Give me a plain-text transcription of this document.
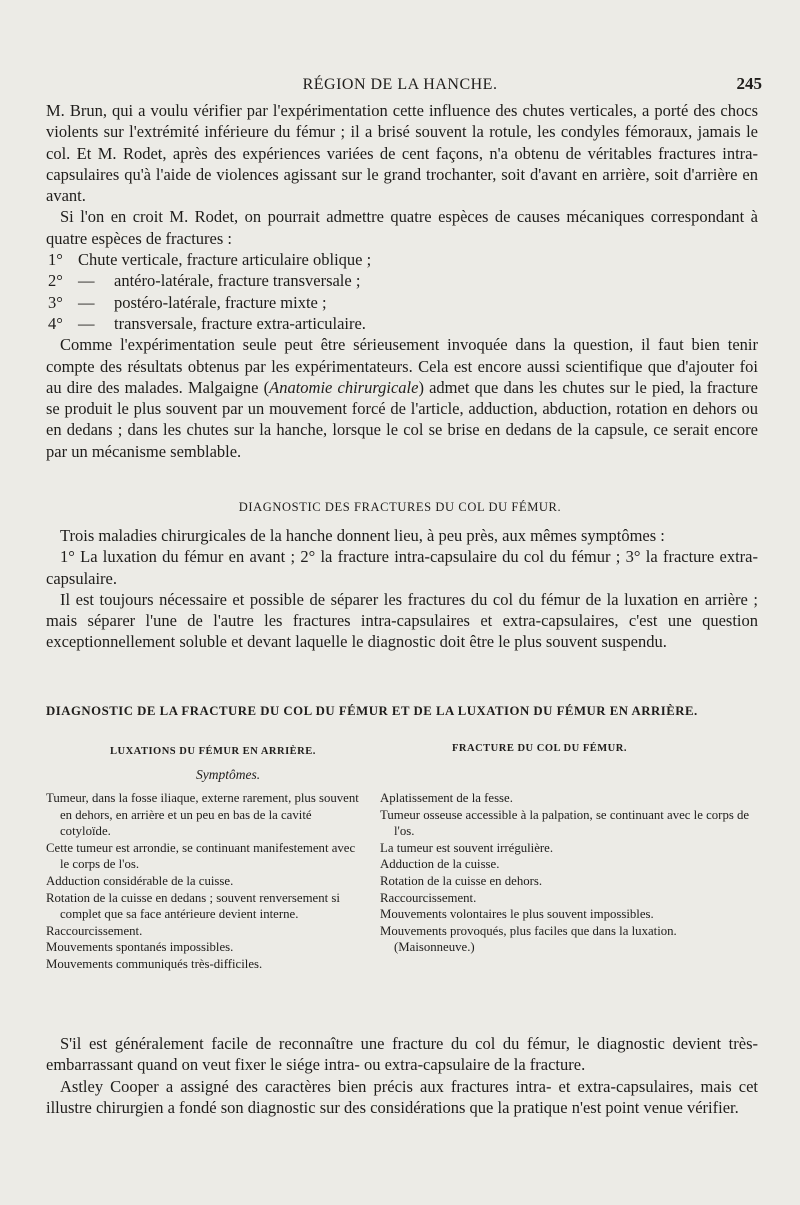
RÉGION DE LA HANCHE.	245

M. Brun, qui a voulu vérifier par l'expérimentation cette influence des chutes verticales, a porté des chocs violents sur l'extrémité inférieure du fémur ; il a brisé souvent la rotule, les condyles fémoraux, jamais le col. Et M. Rodet, après des expériences variées de cent façons, n'a obtenu de véritables fractures intra-capsulaires qu'à l'aide de violences agissant sur le grand trochanter, soit d'avant en arrière, soit d'arrière en avant.

Si l'on en croit M. Rodet, on pourrait admettre quatre espèces de causes mécaniques correspondant à quatre espèces de fractures :

1° Chute verticale, fracture articulaire oblique ;
2° —	antéro-latérale, fracture transversale ;
3° —	postéro-latérale, fracture mixte ;
4° —	transversale, fracture extra-articulaire.

Comme l'expérimentation seule peut être sérieusement invoquée dans la question, il faut bien tenir compte des résultats obtenus par les expérimentateurs. Cela est encore aussi scientifique que d'ajouter foi au dire des malades. Malgaigne (Anatomie chirurgicale) admet que dans les chutes sur le pied, la fracture se produit le plus souvent par un mouvement forcé de l'article, adduction, abduction, rotation en dehors ou en dedans ; dans les chutes sur la hanche, lorsque le col se brise en dedans de la capsule, ce serait encore par un mécanisme semblable.

DIAGNOSTIC DES FRACTURES DU COL DU FÉMUR.

Trois maladies chirurgicales de la hanche donnent lieu, à peu près, aux mêmes symptômes :

1° La luxation du fémur en avant ; 2° la fracture intra-capsulaire du col du fémur ; 3° la fracture extra-capsulaire.

Il est toujours nécessaire et possible de séparer les fractures du col du fémur de la luxation en arrière ; mais séparer l'une de l'autre les fractures intra-capsulaires et extra-capsulaires, c'est une question exceptionnellement soluble et devant laquelle le diagnostic doit être le plus souvent suspendu.

DIAGNOSTIC DE LA FRACTURE DU COL DU FÉMUR ET DE LA LUXATION DU FÉMUR EN ARRIÈRE.
LUXATIONS DU FÉMUR EN ARRIÈRE.	FRACTURE DU COL DU FÉMUR.
Symptômes.
Tumeur, dans la fosse iliaque, externe rarement, plus souvent en dehors, en arrière et un peu en bas de la cavité cotyloïde.
Cette tumeur est arrondie, se continuant manifestement avec le corps de l'os.
Adduction considérable de la cuisse.
Rotation de la cuisse en dedans ; souvent renversement si complet que sa face antérieure devient interne.
Raccourcissement.
Mouvements spontanés impossibles.
Mouvements communiqués très-difficiles.
Aplatissement de la fesse.
Tumeur osseuse accessible à la palpation, se continuant avec le corps de l'os.
La tumeur est souvent irrégulière.
Adduction de la cuisse.
Rotation de la cuisse en dehors.
Raccourcissement.
Mouvements volontaires le plus souvent impossibles.
Mouvements provoqués, plus faciles que dans la luxation. (Maisonneuve.)

S'il est généralement facile de reconnaître une fracture du col du fémur, le diagnostic devient très-embarrassant quand on veut fixer le siége intra- ou extra-capsulaire de la fracture.

Astley Cooper a assigné des caractères bien précis aux fractures intra- et extra-capsulaires, mais cet illustre chirurgien a fondé son diagnostic sur des considérations que la pratique n'est point venue vérifier.
